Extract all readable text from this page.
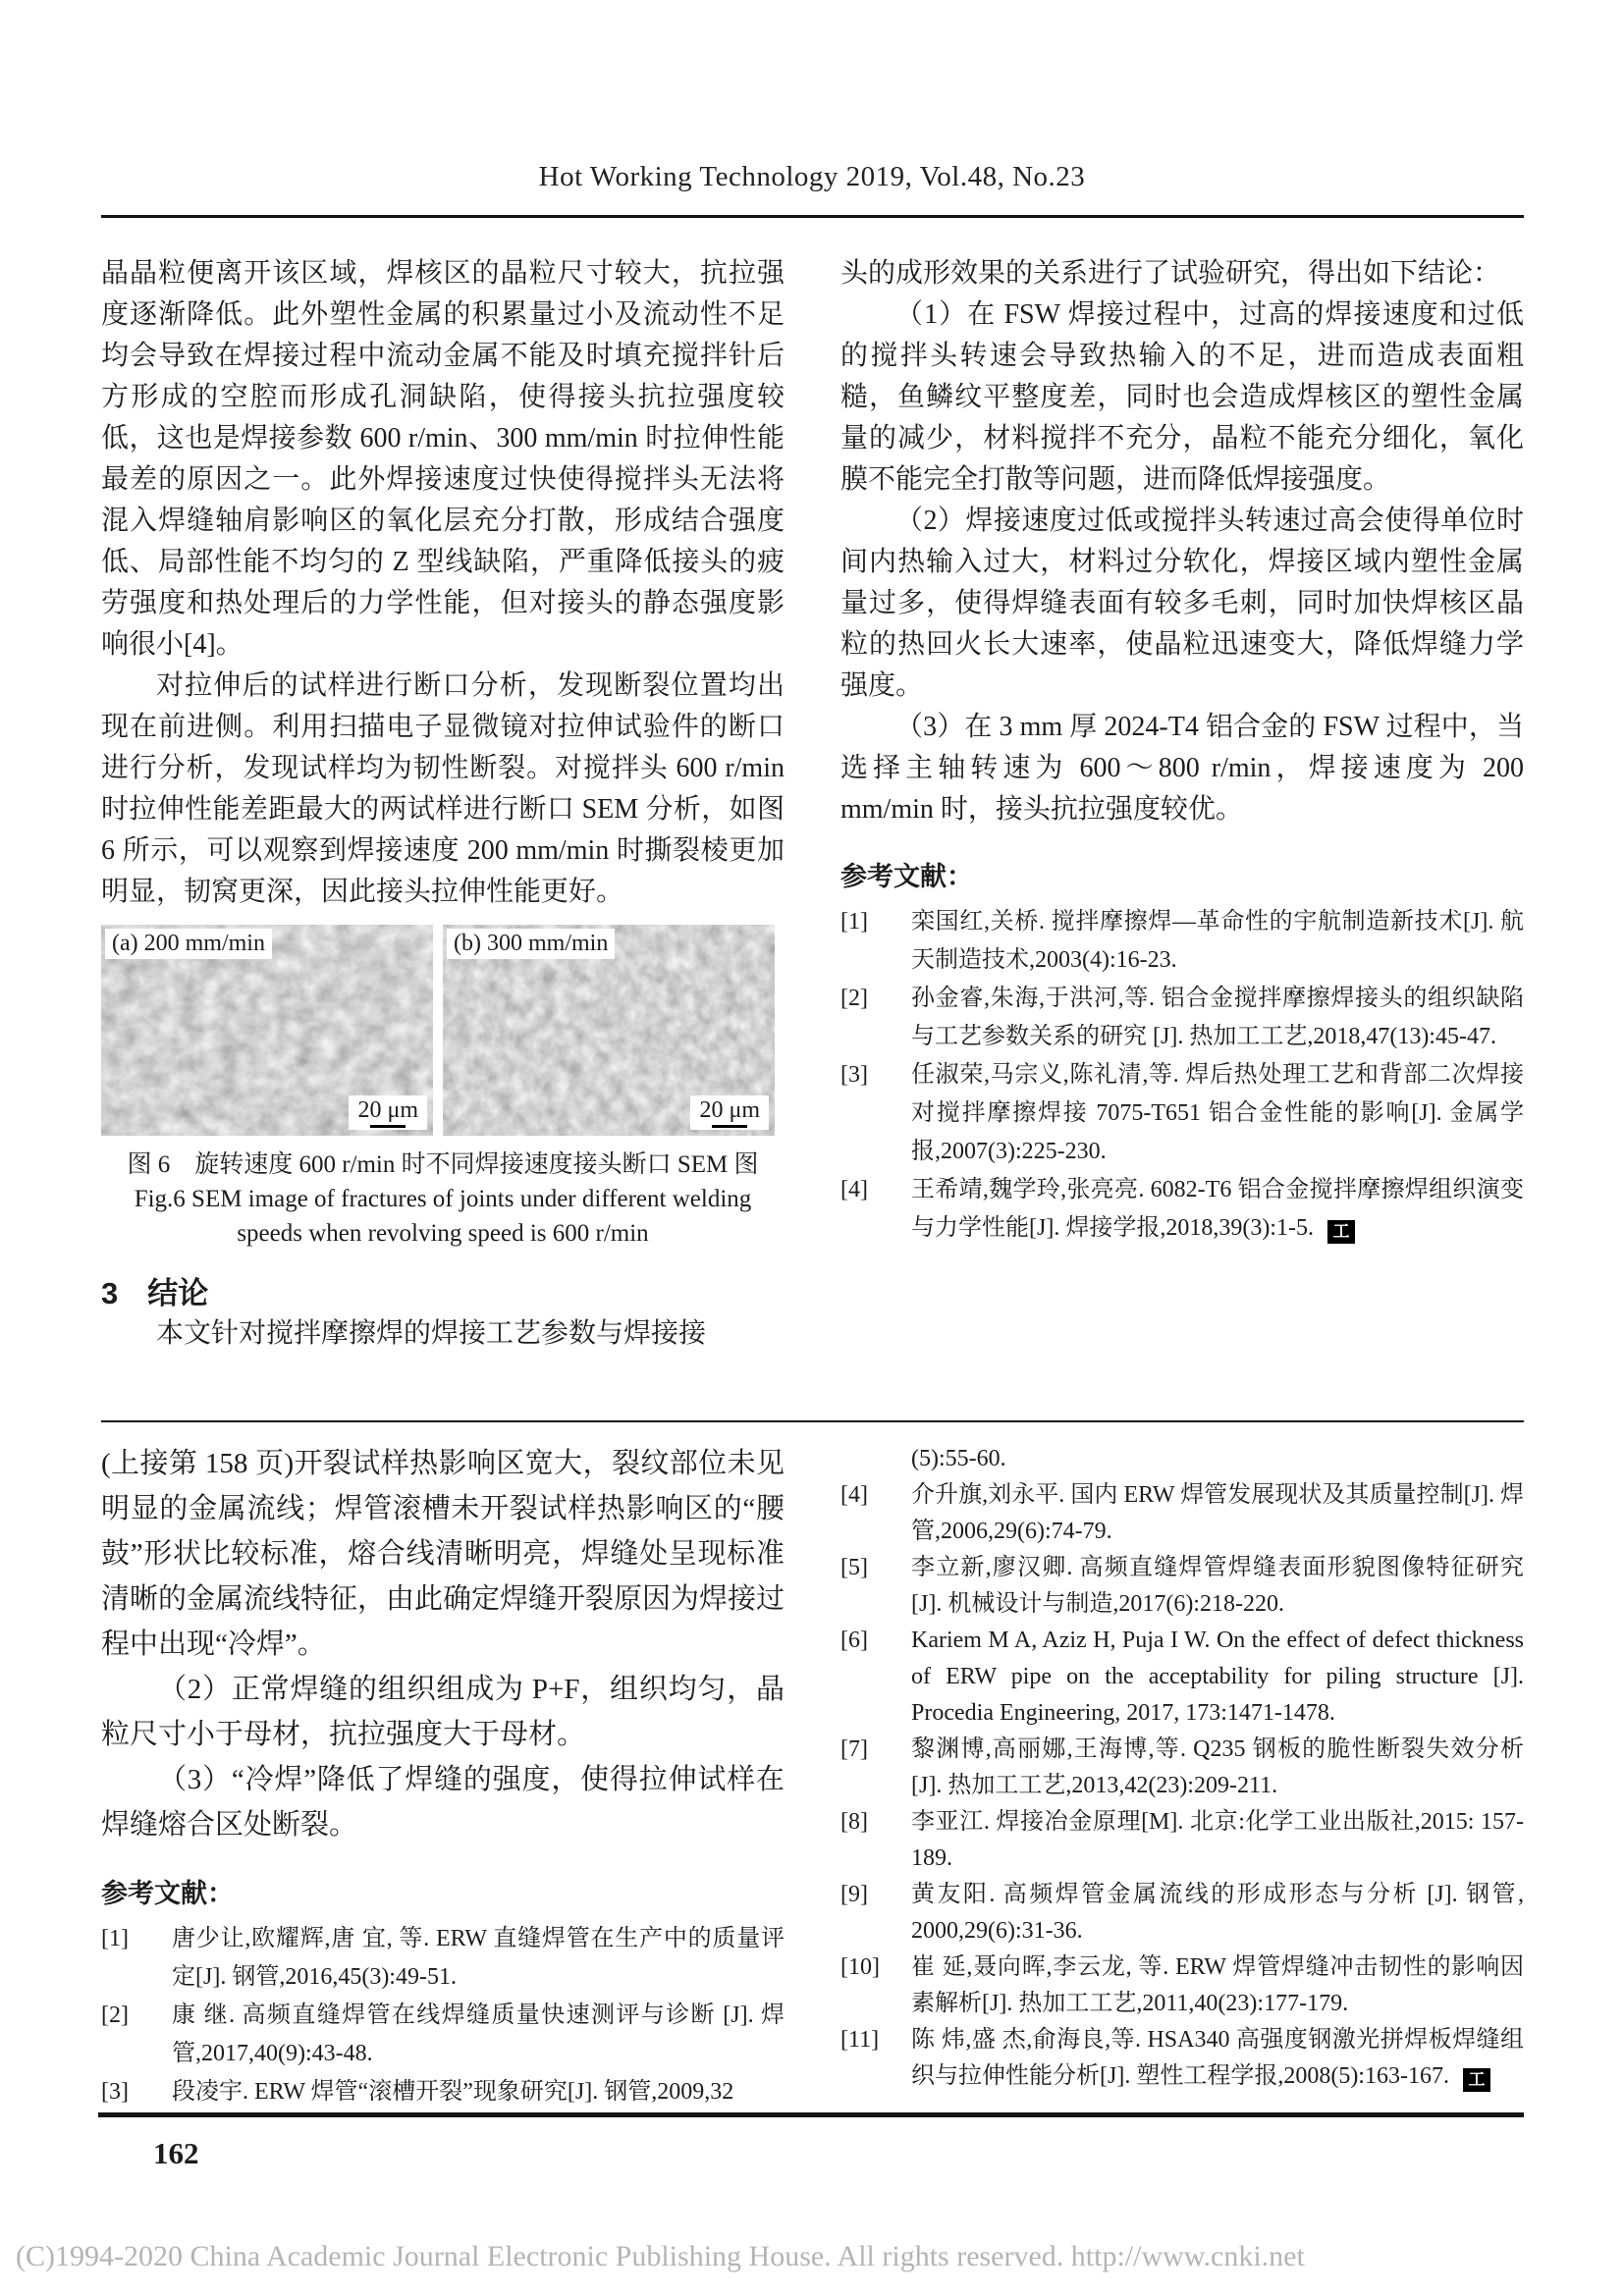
Hot Working Technology 2019, Vol.48, No.23

晶晶粒便离开该区域，焊核区的晶粒尺寸较大，抗拉强度逐渐降低。此外塑性金属的积累量过小及流动性不足均会导致在焊接过程中流动金属不能及时填充搅拌针后方形成的空腔而形成孔洞缺陷，使得接头抗拉强度较低，这也是焊接参数 600 r/min、300 mm/min 时拉伸性能最差的原因之一。此外焊接速度过快使得搅拌头无法将混入焊缝轴肩影响区的氧化层充分打散，形成结合强度低、局部性能不均匀的 Z 型线缺陷，严重降低接头的疲劳强度和热处理后的力学性能，但对接头的静态强度影响很小[4]。

对拉伸后的试样进行断口分析，发现断裂位置均出现在前进侧。利用扫描电子显微镜对拉伸试验件的断口进行分析，发现试样均为韧性断裂。对搅拌头 600 r/min 时拉伸性能差距最大的两试样进行断口 SEM 分析，如图 6 所示，可以观察到焊接速度 200 mm/min 时撕裂棱更加明显，韧窝更深，因此接头拉伸性能更好。

(a) 200 mm/min
20 μm
(b) 300 mm/min
20 μm
图 6　旋转速度 600 r/min 时不同焊接速度接头断口 SEM 图
Fig.6 SEM image of fractures of joints under different welding
speeds when revolving speed is 600 r/min
3 结论

本文针对搅拌摩擦焊的焊接工艺参数与焊接接

头的成形效果的关系进行了试验研究，得出如下结论：

（1）在 FSW 焊接过程中，过高的焊接速度和过低的搅拌头转速会导致热输入的不足，进而造成表面粗糙，鱼鳞纹平整度差，同时也会造成焊核区的塑性金属量的减少，材料搅拌不充分，晶粒不能充分细化，氧化膜不能完全打散等问题，进而降低焊接强度。

（2）焊接速度过低或搅拌头转速过高会使得单位时间内热输入过大，材料过分软化，焊接区域内塑性金属量过多，使得焊缝表面有较多毛刺，同时加快焊核区晶粒的热回火长大速率，使晶粒迅速变大，降低焊缝力学强度。

（3）在 3 mm 厚 2024-T4 铝合金的 FSW 过程中，当选择主轴转速为 600～800 r/min，焊接速度为 200 mm/min 时，接头抗拉强度较优。

参考文献：
[1] 栾国红,关桥. 搅拌摩擦焊—革命性的宇航制造新技术[J]. 航天制造技术,2003(4):16-23.
[2] 孙金睿,朱海,于洪河,等. 铝合金搅拌摩擦焊接头的组织缺陷与工艺参数关系的研究 [J]. 热加工工艺,2018,47(13):45-47.
[3] 任淑荣,马宗义,陈礼清,等. 焊后热处理工艺和背部二次焊接对搅拌摩擦焊接 7075-T651 铝合金性能的影响[J]. 金属学报,2007(3):225-230.
[4] 王希靖,魏学玲,张亮亮. 6082-T6 铝合金搅拌摩擦焊组织演变与力学性能[J]. 焊接学报,2018,39(3):1-5. 工

(上接第 158 页)开裂试样热影响区宽大，裂纹部位未见明显的金属流线；焊管滚槽未开裂试样热影响区的“腰鼓”形状比较标准，熔合线清晰明亮，焊缝处呈现标准清晰的金属流线特征，由此确定焊缝开裂原因为焊接过程中出现“冷焊”。

（2）正常焊缝的组织组成为 P+F，组织均匀，晶粒尺寸小于母材，抗拉强度大于母材。

（3）“冷焊”降低了焊缝的强度，使得拉伸试样在焊缝熔合区处断裂。

参考文献：
[1] 唐少让,欧耀辉,唐 宜, 等. ERW 直缝焊管在生产中的质量评定[J]. 钢管,2016,45(3):49-51.
[2] 康 继. 高频直缝焊管在线焊缝质量快速测评与诊断 [J]. 焊管,2017,40(9):43-48.
[3] 段凌宇. ERW 焊管“滚槽开裂”现象研究[J]. 钢管,2009,32
(5):55-60.
[4] 介升旗,刘永平. 国内 ERW 焊管发展现状及其质量控制[J]. 焊管,2006,29(6):74-79.
[5] 李立新,廖汉卿. 高频直缝焊管焊缝表面形貌图像特征研究 [J]. 机械设计与制造,2017(6):218-220.
[6] Kariem M A, Aziz H, Puja I W. On the effect of defect thickness of ERW pipe on the acceptability for piling structure [J]. Procedia Engineering, 2017, 173:1471-1478.
[7] 黎渊博,高丽娜,王海博,等. Q235 钢板的脆性断裂失效分析 [J]. 热加工工艺,2013,42(23):209-211.
[8] 李亚江. 焊接冶金原理[M]. 北京:化学工业出版社,2015: 157-189.
[9] 黄友阳. 高频焊管金属流线的形成形态与分析 [J]. 钢管, 2000,29(6):31-36.
[10] 崔 延,聂向晖,李云龙, 等. ERW 焊管焊缝冲击韧性的影响因素解析[J]. 热加工工艺,2011,40(23):177-179.
[11] 陈 炜,盛 杰,俞海良,等. HSA340 高强度钢激光拼焊板焊缝组织与拉伸性能分析[J]. 塑性工程学报,2008(5):163-167. 工
162
(C)1994-2020 China Academic Journal Electronic Publishing House. All rights reserved. http://www.cnki.net
